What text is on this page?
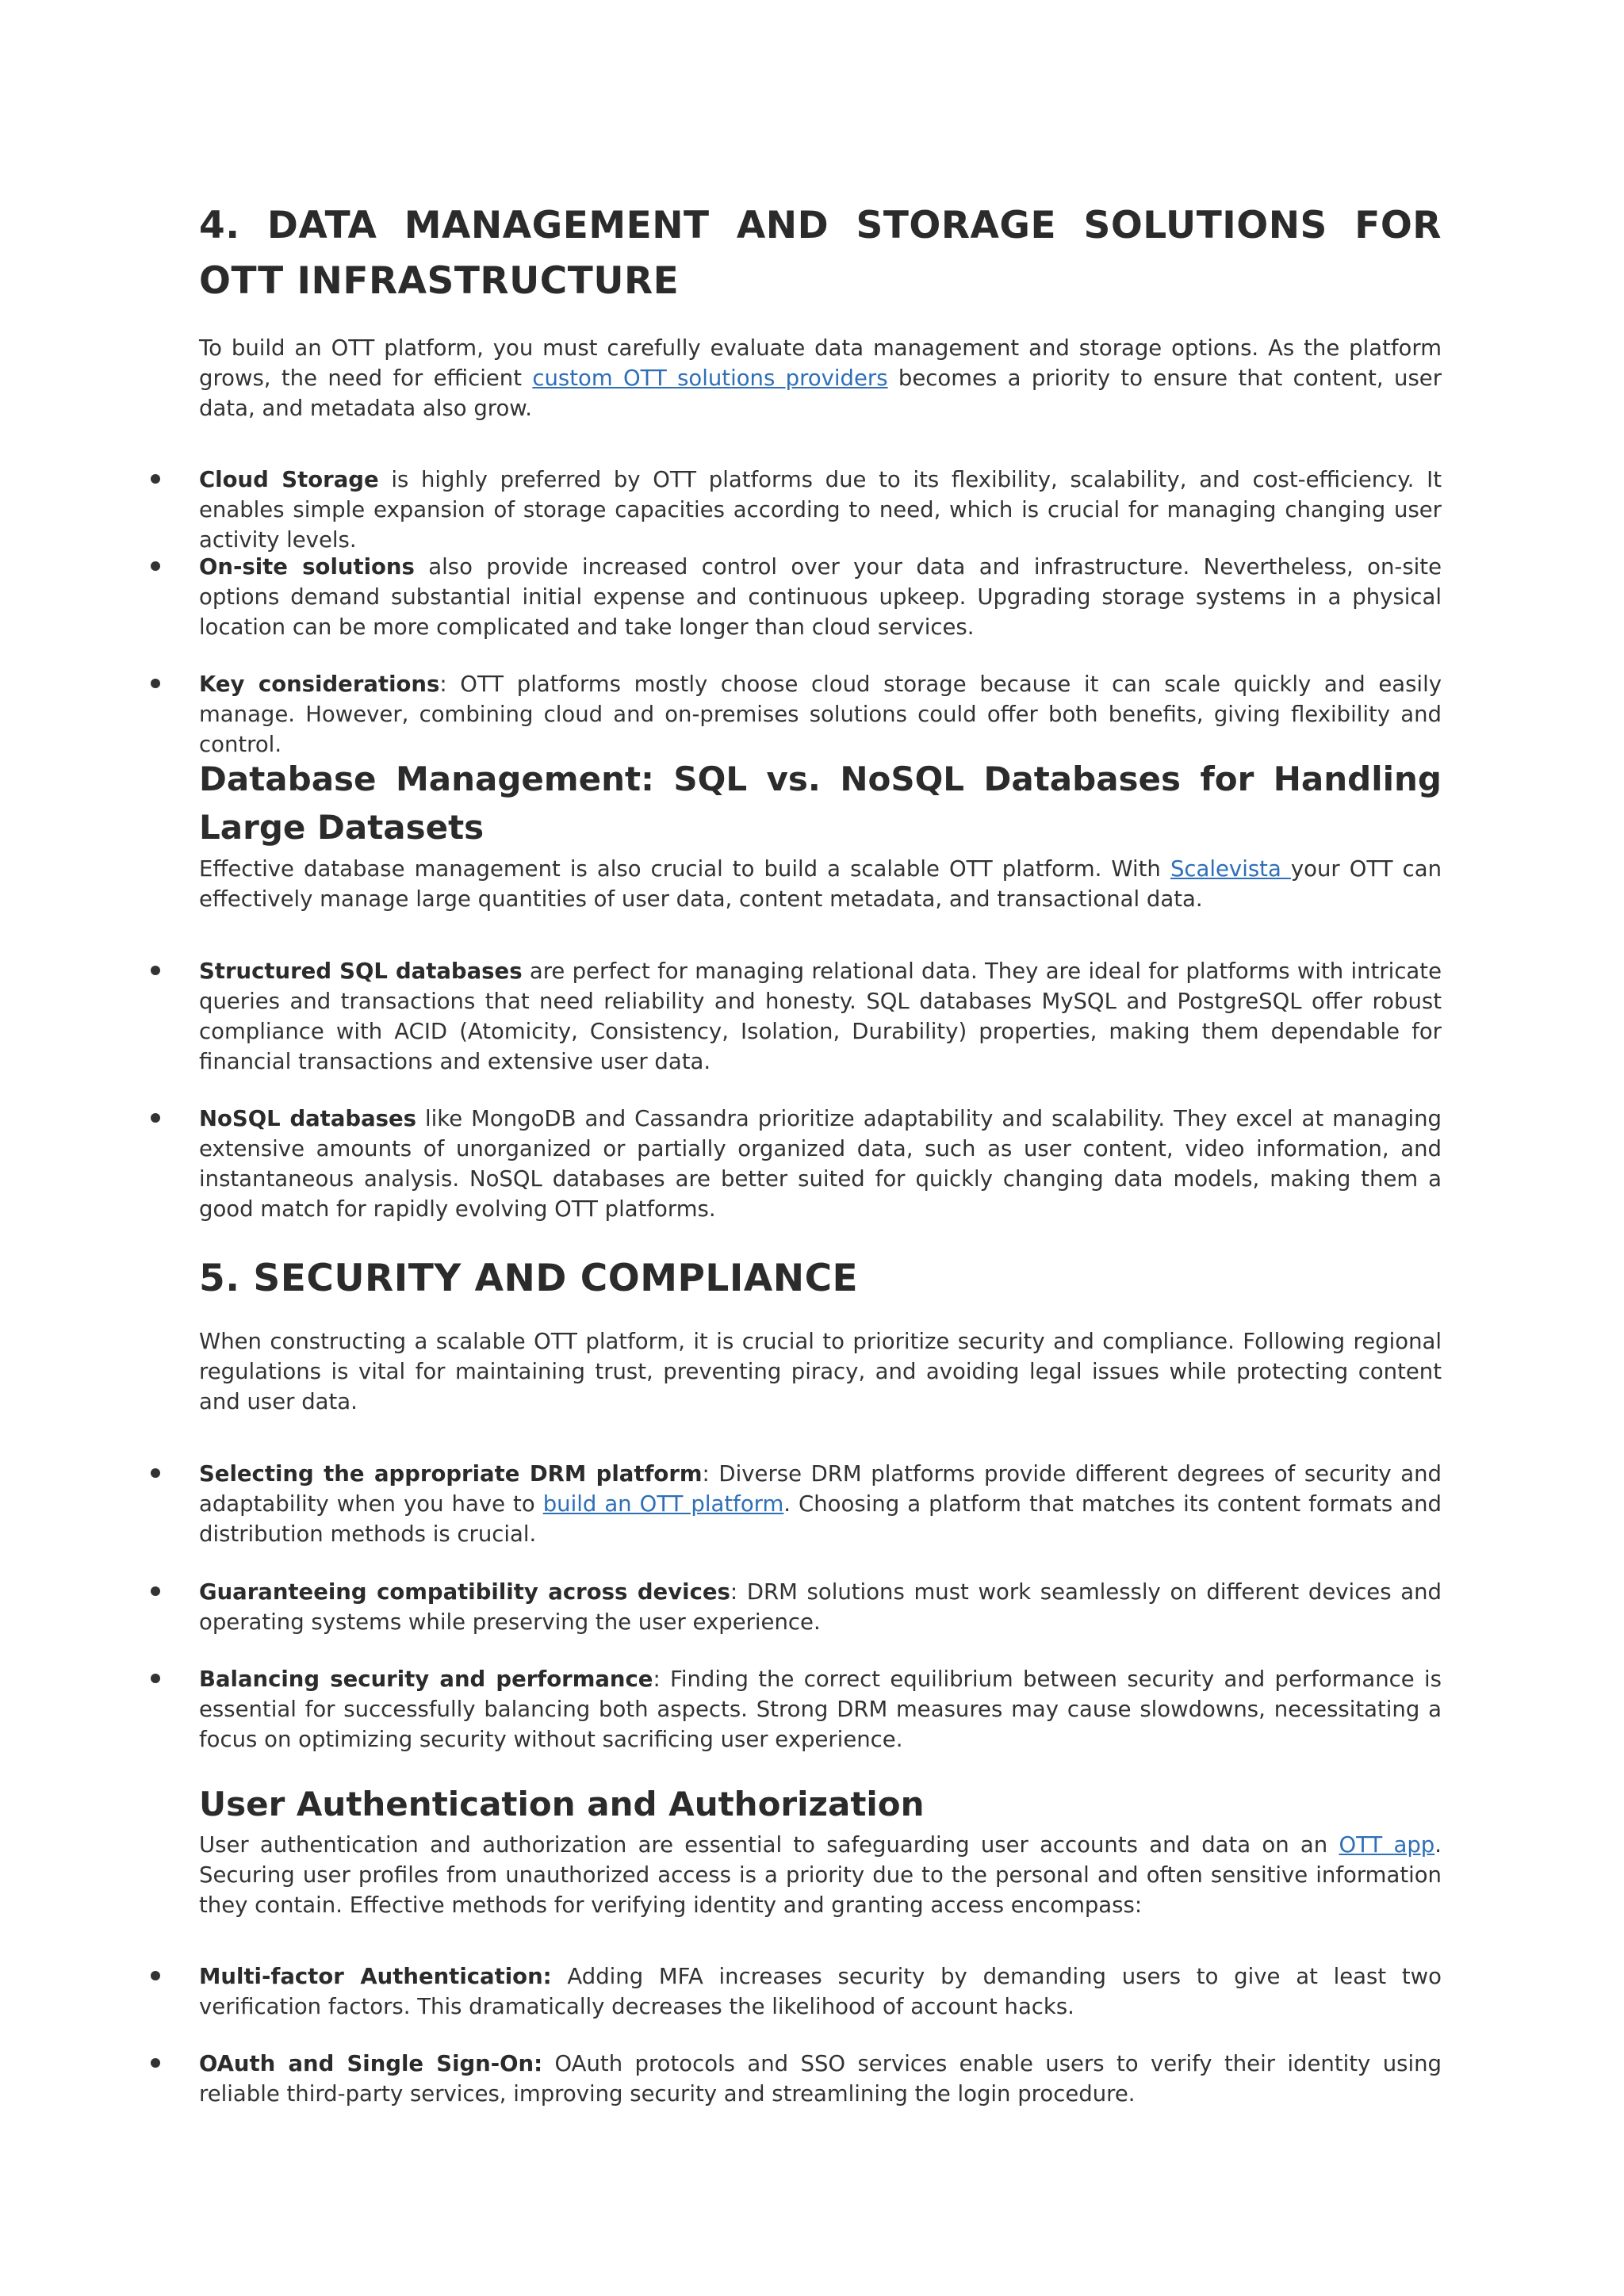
4. DATA MANAGEMENT AND STORAGE SOLUTIONS FOR OTT INFRASTRUCTURE

To build an OTT platform, you must carefully evaluate data management and storage options. As the platform grows, the need for efficient custom OTT solutions providers becomes a priority to ensure that content, user data, and metadata also grow.

Cloud Storage is highly preferred by OTT platforms due to its flexibility, scalability, and cost-efficiency. It enables simple expansion of storage capacities according to need, which is crucial for managing changing user activity levels.
On-site solutions also provide increased control over your data and infrastructure. Nevertheless, on-site options demand substantial initial expense and continuous upkeep. Upgrading storage systems in a physical location can be more complicated and take longer than cloud services.
Key considerations: OTT platforms mostly choose cloud storage because it can scale quickly and easily manage. However, combining cloud and on-premises solutions could offer both benefits, giving flexibility and control.
Database Management: SQL vs. NoSQL Databases for Handling Large Datasets

Effective database management is also crucial to build a scalable OTT platform. With Scalevista your OTT can effectively manage large quantities of user data, content metadata, and transactional data.

Structured SQL databases are perfect for managing relational data. They are ideal for platforms with intricate queries and transactions that need reliability and honesty. SQL databases MySQL and PostgreSQL offer robust compliance with ACID (Atomicity, Consistency, Isolation, Durability) properties, making them dependable for financial transactions and extensive user data.
NoSQL databases like MongoDB and Cassandra prioritize adaptability and scalability. They excel at managing extensive amounts of unorganized or partially organized data, such as user content, video information, and instantaneous analysis. NoSQL databases are better suited for quickly changing data models, making them a good match for rapidly evolving OTT platforms.
5. SECURITY AND COMPLIANCE

When constructing a scalable OTT platform, it is crucial to prioritize security and compliance. Following regional regulations is vital for maintaining trust, preventing piracy, and avoiding legal issues while protecting content and user data.

Selecting the appropriate DRM platform: Diverse DRM platforms provide different degrees of security and adaptability when you have to build an OTT platform. Choosing a platform that matches its content formats and distribution methods is crucial.
Guaranteeing compatibility across devices: DRM solutions must work seamlessly on different devices and operating systems while preserving the user experience.
Balancing security and performance: Finding the correct equilibrium between security and performance is essential for successfully balancing both aspects. Strong DRM measures may cause slowdowns, necessitating a focus on optimizing security without sacrificing user experience.
User Authentication and Authorization

User authentication and authorization are essential to safeguarding user accounts and data on an OTT app. Securing user profiles from unauthorized access is a priority due to the personal and often sensitive information they contain. Effective methods for verifying identity and granting access encompass:

Multi-factor Authentication: Adding MFA increases security by demanding users to give at least two verification factors. This dramatically decreases the likelihood of account hacks.
OAuth and Single Sign-On: OAuth protocols and SSO services enable users to verify their identity using reliable third-party services, improving security and streamlining the login procedure.
